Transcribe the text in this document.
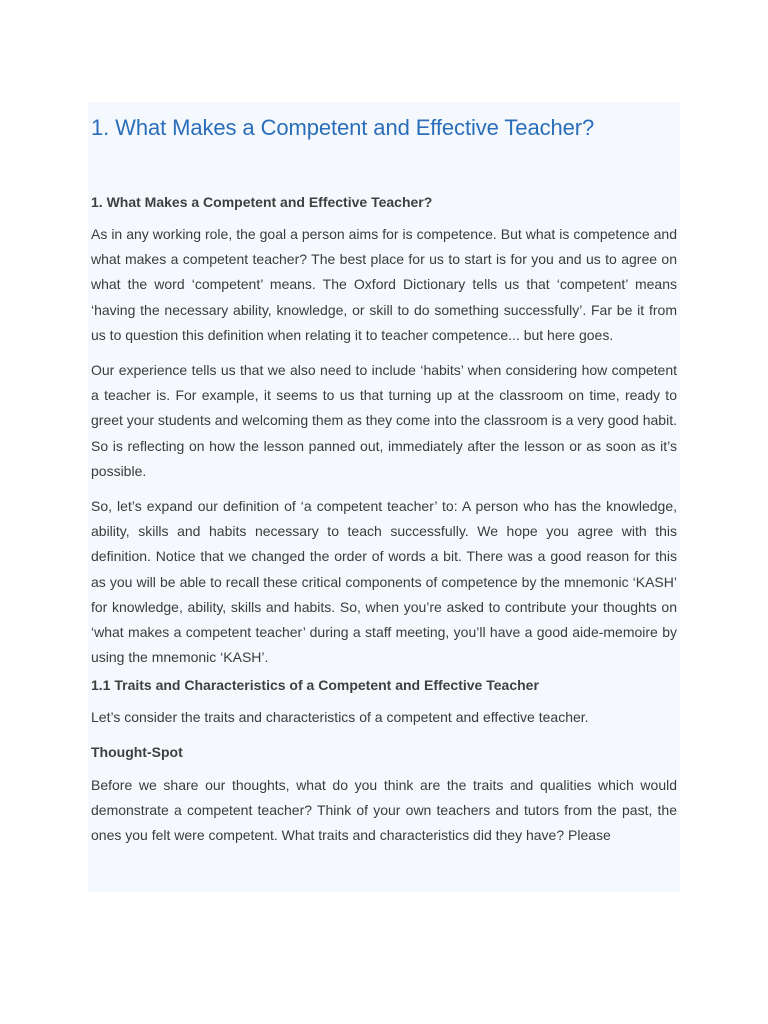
1. What Makes a Competent and Effective Teacher?
1. What Makes a Competent and Effective Teacher?

As in any working role, the goal a person aims for is competence. But what is competence and what makes a competent teacher? The best place for us to start is for you and us to agree on what the word ‘competent’ means. The Oxford Dictionary tells us that ‘competent’ means ‘having the necessary ability, knowledge, or skill to do something successfully’. Far be it from us to question this definition when relating it to teacher competence... but here goes.

Our experience tells us that we also need to include ‘habits’ when considering how competent a teacher is. For example, it seems to us that turning up at the classroom on time, ready to greet your students and welcoming them as they come into the classroom is a very good habit. So is reflecting on how the lesson panned out, immediately after the lesson or as soon as it’s possible.

So, let’s expand our definition of ‘a competent teacher’ to: A person who has the knowledge, ability, skills and habits necessary to teach successfully. We hope you agree with this definition. Notice that we changed the order of words a bit. There was a good reason for this as you will be able to recall these critical components of competence by the mnemonic ‘KASH’ for knowledge, ability, skills and habits. So, when you’re asked to contribute your thoughts on ‘what makes a competent teacher’ during a staff meeting, you’ll have a good aide-memoire by using the mnemonic ‘KASH’.

1.1 Traits and Characteristics of a Competent and Effective Teacher

Let’s consider the traits and characteristics of a competent and effective teacher.

Thought-Spot

Before we share our thoughts, what do you think are the traits and qualities which would demonstrate a competent teacher? Think of your own teachers and tutors from the past, the ones you felt were competent. What traits and characteristics did they have? Please
